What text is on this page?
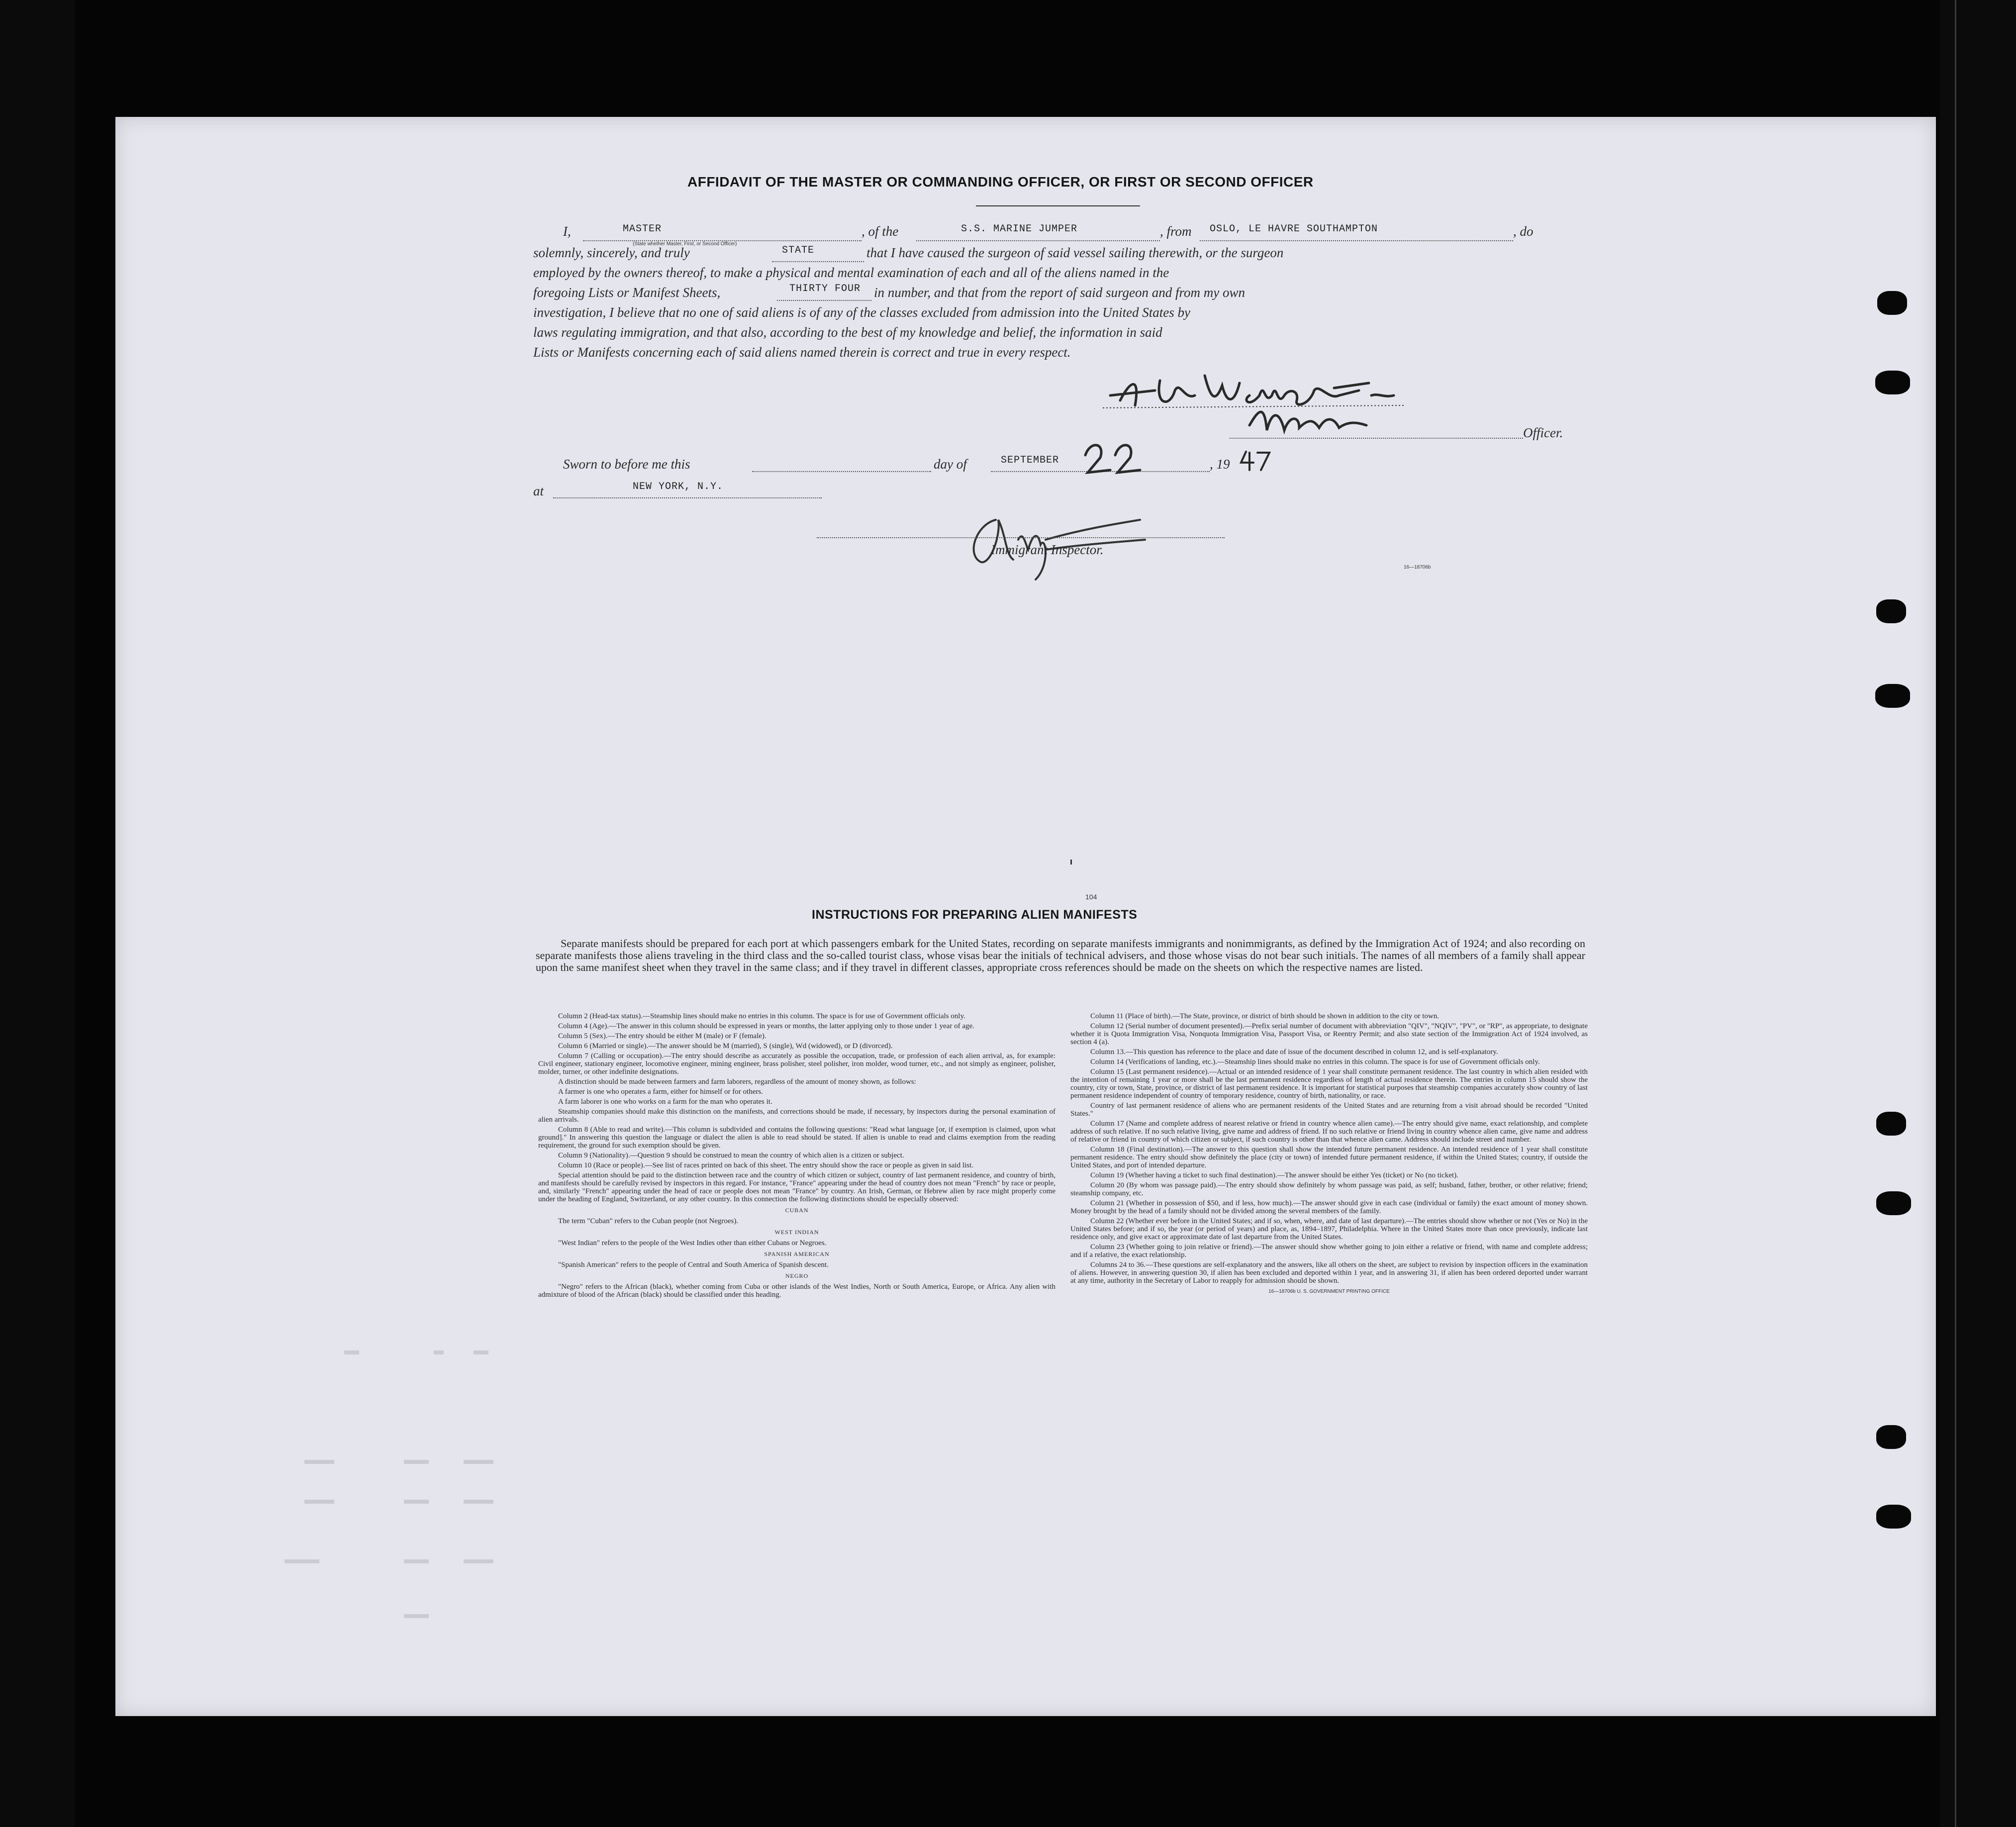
AFFIDAVIT OF THE MASTER OR COMMANDING OFFICER, OR FIRST OR SECOND OFFICER
I,	MASTER
(State whether Master, First, or Second Officer)
, of the	S.S. MARINE JUMPER	, from OSLO, LE HAVRE SOUTHAMPTON	, do
solemnly, sincerely, and truly	STATE	that I have caused the surgeon of said vessel sailing therewith, or the surgeon
employed by the owners thereof, to make a physical and mental examination of each and all of the aliens named in the
foregoing Lists or Manifest Sheets,	THIRTY FOUR in number, and that from the report of said surgeon and from my own
investigation, I believe that no one of said aliens is of any of the classes excluded from admission into the United States by
laws regulating immigration, and that also, according to the best of my knowledge and belief, the information in said
Lists or Manifests concerning each of said aliens named therein is correct and true in every respect.
Officer.
Sworn to before me this	day of	SEPTEMBER	, 19
at	NEW YORK, N.Y.
Immigrant Inspector.
16—18706b
104
INSTRUCTIONS FOR PREPARING ALIEN MANIFESTS
Separate manifests should be prepared for each port at which passengers embark for the United States, recording on separate manifests immigrants and nonimmigrants, as defined by the Immigration Act of 1924; and also recording on separate manifests those aliens traveling in the third class and the so-called tourist class, whose visas bear the initials of technical advisers, and those whose visas do not bear such initials. The names of all members of a family shall appear upon the same manifest sheet when they travel in the same class; and if they travel in different classes, appropriate cross references should be made on the sheets on which the respective names are listed.

Column 2 (Head-tax status).—Steamship lines should make no entries in this column. The space is for use of Government officials only.

Column 4 (Age).—The answer in this column should be expressed in years or months, the latter applying only to those under 1 year of age.

Column 5 (Sex).—The entry should be either M (male) or F (female).

Column 6 (Married or single).—The answer should be M (married), S (single), Wd (widowed), or D (divorced).

Column 7 (Calling or occupation).—The entry should describe as accurately as possible the occupation, trade, or profession of each alien arrival, as, for example: Civil engineer, stationary engineer, locomotive engineer, mining engineer, brass polisher, steel polisher, iron molder, wood turner, etc., and not simply as engineer, polisher, molder, turner, or other indefinite designations.

A distinction should be made between farmers and farm laborers, regardless of the amount of money shown, as follows:

A farmer is one who operates a farm, either for himself or for others.

A farm laborer is one who works on a farm for the man who operates it.

Steamship companies should make this distinction on the manifests, and corrections should be made, if necessary, by inspectors during the personal examination of alien arrivals.

Column 8 (Able to read and write).—This column is subdivided and contains the following questions: "Read what language [or, if exemption is claimed, upon what ground]." In answering this question the language or dialect the alien is able to read should be stated. If alien is unable to read and claims exemption from the reading requirement, the ground for such exemption should be given.

Column 9 (Nationality).—Question 9 should be construed to mean the country of which alien is a citizen or subject.

Column 10 (Race or people).—See list of races printed on back of this sheet. The entry should show the race or people as given in said list.

Special attention should be paid to the distinction between race and the country of which citizen or subject, country of last permanent residence, and country of birth, and manifests should be carefully revised by inspectors in this regard. For instance, "France" appearing under the head of country does not mean "French" by race or people, and, similarly "French" appearing under the head of race or people does not mean "France" by country. An Irish, German, or Hebrew alien by race might properly come under the heading of England, Switzerland, or any other country. In this connection the following distinctions should be especially observed:

CUBAN

The term "Cuban" refers to the Cuban people (not Negroes).

WEST INDIAN

"West Indian" refers to the people of the West Indies other than either Cubans or Negroes.

SPANISH AMERICAN

"Spanish American" refers to the people of Central and South America of Spanish descent.

NEGRO

"Negro" refers to the African (black), whether coming from Cuba or other islands of the West Indies, North or South America, Europe, or Africa. Any alien with admixture of blood of the African (black) should be classified under this heading.

Column 11 (Place of birth).—The State, province, or district of birth should be shown in addition to the city or town.

Column 12 (Serial number of document presented).—Prefix serial number of document with abbreviation "QIV", "NQIV", "PV", or "RP", as appropriate, to designate whether it is Quota Immigration Visa, Nonquota Immigration Visa, Passport Visa, or Reentry Permit; and also state section of the Immigration Act of 1924 involved, as section 4 (a).

Column 13.—This question has reference to the place and date of issue of the document described in column 12, and is self-explanatory.

Column 14 (Verifications of landing, etc.).—Steamship lines should make no entries in this column. The space is for use of Government officials only.

Column 15 (Last permanent residence).—Actual or an intended residence of 1 year shall constitute permanent residence. The last country in which alien resided with the intention of remaining 1 year or more shall be the last permanent residence regardless of length of actual residence therein. The entries in column 15 should show the country, city or town, State, province, or district of last permanent residence. It is important for statistical purposes that steamship companies accurately show country of last permanent residence independent of country of temporary residence, country of birth, nationality, or race.

Country of last permanent residence of aliens who are permanent residents of the United States and are returning from a visit abroad should be recorded "United States."

Column 17 (Name and complete address of nearest relative or friend in country whence alien came).—The entry should give name, exact relationship, and complete address of such relative. If no such relative living, give name and address of friend. If no such relative or friend living in country whence alien came, give name and address of relative or friend in country of which citizen or subject, if such country is other than that whence alien came. Address should include street and number.

Column 18 (Final destination).—The answer to this question shall show the intended future permanent residence. An intended residence of 1 year shall constitute permanent residence. The entry should show definitely the place (city or town) of intended future permanent residence, if within the United States; country, if outside the United States, and port of intended departure.

Column 19 (Whether having a ticket to such final destination).—The answer should be either Yes (ticket) or No (no ticket).

Column 20 (By whom was passage paid).—The entry should show definitely by whom passage was paid, as self; husband, father, brother, or other relative; friend; steamship company, etc.

Column 21 (Whether in possession of $50, and if less, how much).—The answer should give in each case (individual or family) the exact amount of money shown. Money brought by the head of a family should not be divided among the several members of the family.

Column 22 (Whether ever before in the United States; and if so, when, where, and date of last departure).—The entries should show whether or not (Yes or No) in the United States before; and if so, the year (or period of years) and place, as, 1894–1897, Philadelphia. Where in the United States more than once previously, indicate last residence only, and give exact or approximate date of last departure from the United States.

Column 23 (Whether going to join relative or friend).—The answer should show whether going to join either a relative or friend, with name and complete address; and if a relative, the exact relationship.

Columns 24 to 36.—These questions are self-explanatory and the answers, like all others on the sheet, are subject to revision by inspection officers in the examination of aliens. However, in answering question 30, if alien has been excluded and deported within 1 year, and in answering 31, if alien has been ordered deported under warrant at any time, authority in the Secretary of Labor to reapply for admission should be shown.

16—18706b U. S. GOVERNMENT PRINTING OFFICE
